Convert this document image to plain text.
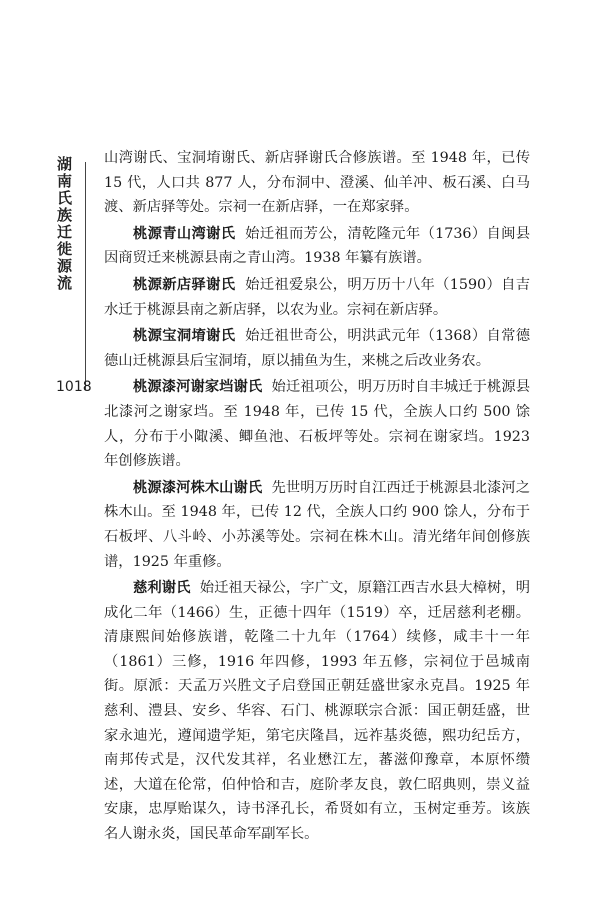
湖南氏族迁徙源流
1018

山湾谢氏、宝洞堉谢氏、新店驿谢氏合修族谱。至 1948 年，已传 15 代，人口共 877 人，分布洞中、澄溪、仙羊冲、板石溪、白马渡、新店驿等处。宗祠一在新店驿，一在郑家驿。

桃源青山湾谢氏 始迁祖而芳公，清乾隆元年（1736）自闽县因商贸迁来桃源县南之青山湾。1938 年纂有族谱。

桃源新店驿谢氏 始迁祖爱泉公，明万历十八年（1590）自吉水迁于桃源县南之新店驿，以农为业。宗祠在新店驿。

桃源宝洞堉谢氏 始迁祖世奇公，明洪武元年（1368）自常德德山迁桃源县后宝洞堉，原以捕鱼为生，来桃之后改业务农。

桃源漆河谢家垱谢氏 始迁祖项公，明万历时自丰城迁于桃源县北漆河之谢家垱。至 1948 年，已传 15 代，全族人口约 500 馀人，分布于小陬溪、鲫鱼池、石板坪等处。宗祠在谢家垱。1923 年创修族谱。

桃源漆河株木山谢氏 先世明万历时自江西迁于桃源县北漆河之株木山。至 1948 年，已传 12 代，全族人口约 900 馀人，分布于石板坪、八斗岭、小苏溪等处。宗祠在株木山。清光绪年间创修族谱，1925 年重修。

慈利谢氏 始迁祖天禄公，字广文，原籍江西吉水县大樟树，明成化二年（1466）生，正德十四年（1519）卒，迁居慈利老棚。清康熙间始修族谱，乾隆二十九年（1764）续修，咸丰十一年（1861）三修，1916 年四修，1993 年五修，宗祠位于邑城南街。原派：天孟万兴胜文子启登国正朝廷盛世家永克昌。1925 年慈利、澧县、安乡、华容、石门、桃源联宗合派：国正朝廷盛，世家永迪光，遵闻遗学矩，第宅庆隆昌，远祚基炎德，熙功纪岳方，南邦传式是，汉代发其祥，名业懋江左，蕃滋仰豫章，本原怀缵述，大道在伦常，伯仲恰和吉，庭阶孝友良，敦仁昭典则，崇义益安康，忠厚贻谋久，诗书泽孔长，希贤如有立，玉树定垂芳。该族名人谢永炎，国民革命军副军长。
